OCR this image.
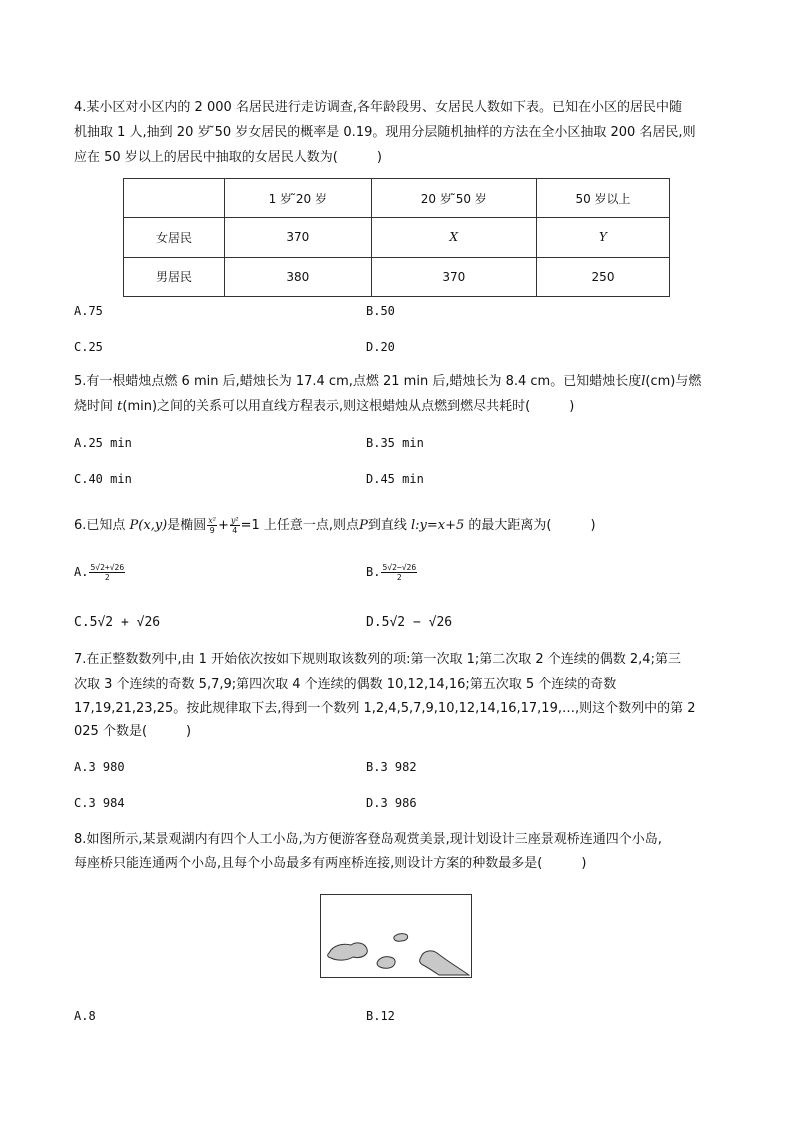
4.某小区对小区内的 2 000 名居民进行走访调查,各年龄段男、女居民人数如下表。已知在小区的居民中随
机抽取 1 人,抽到 20 岁 ̃50 岁女居民的概率是 0.19。现用分层随机抽样的方法在全小区抽取 200 名居民,则
应在 50 岁以上的居民中抽取的女居民人数为(　　　)
	1 岁 ̃20 岁	20 岁 ̃50 岁	50 岁以上
女居民	370	X	Y
男居民	380	370	250
A.75	B.50
C.25	D.20
5.有一根蜡烛点燃 6 min 后,蜡烛长为 17.4 cm,点燃 21 min 后,蜡烛长为 8.4 cm。已知蜡烛长度l(cm)与燃
烧时间 t(min)之间的关系可以用直线方程表示,则这根蜡烛从点燃到燃尽共耗时(　　　)
A.25 min	B.35 min
C.40 min	D.45 min
6.已知点 P(x,y)是椭圆 $\frac{\text{x²}}{9} + \frac{\text{y²}}{4} =1$ 上任意一点,则点P到直线 l:y=x+5 的最大距离为(　　　)
A. $\frac{5√2+√26}{2}$	B. $\frac{5√2-√26}{2}$
C.5√2 + √26	D.5√2 − √26
7.在正整数数列中,由 1 开始依次按如下规则取该数列的项:第一次取 1;第二次取 2 个连续的偶数 2,4;第三
次取 3 个连续的奇数 5,7,9;第四次取 4 个连续的偶数 10,12,14,16;第五次取 5 个连续的奇数
17,19,21,23,25。按此规律取下去,得到一个数列 1,2,4,5,7,9,10,12,14,16,17,19,…,则这个数列中的第 2
025 个数是(　　　)
A.3 980	B.3 982
C.3 984	D.3 986
8.如图所示,某景观湖内有四个人工小岛,为方便游客登岛观赏美景,现计划设计三座景观桥连通四个小岛,
每座桥只能连通两个小岛,且每个小岛最多有两座桥连接,则设计方案的种数最多是(　　　)
A.8	B.12
